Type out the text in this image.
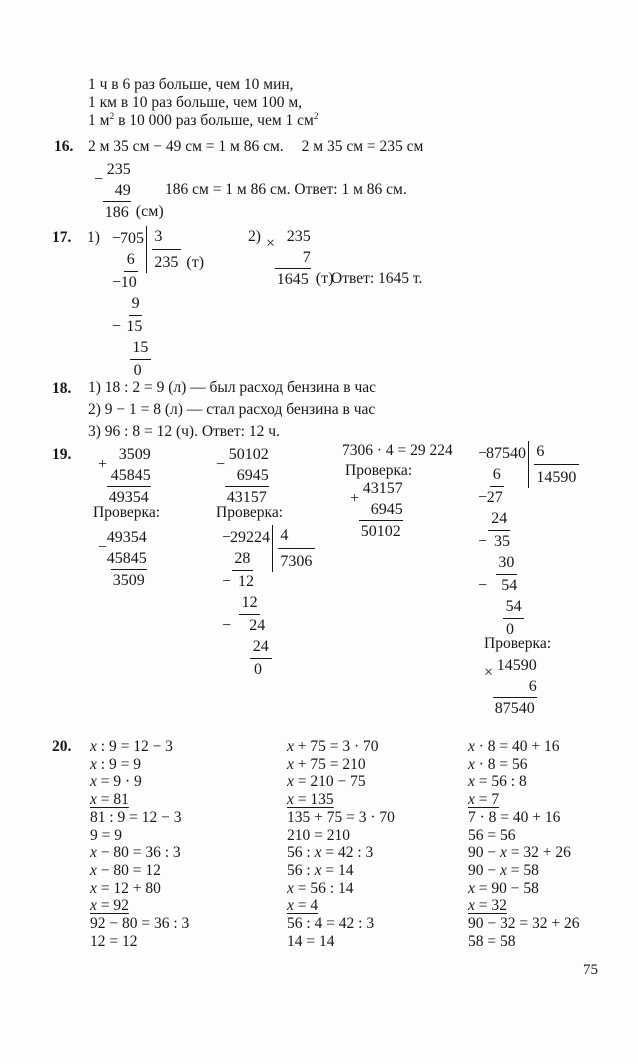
1 ч в 6 раз больше, чем 10 мин,
1 км в 10 раз больше, чем 100 м,
1 $м^2$ в 10 000 раз больше, чем 1 $см^2$
16. 2 м 35 см − 49 см = 1 м 86 см. 2 м 35 см = 235 см
−
235
49
186 (см)
186 см = 1 м 86 см. Ответ: 1 м 86 см.
17. 1) −705
6
−10
9
− 15
15
0
3
235 (т)
2) × 235
7
1645 (т)
Ответ: 1645 т.
18. 1) 18 : 2 = 9 (л) — был расход бензина в час
2) 9 − 1 = 8 (л) — стал расход бензина в час
3) 96 : 8 = 12 (ч). Ответ: 12 ч.
19.
+
3509
45845
49354
Проверка:
−
49354
45845
3509
−
50102
6945
43157
Проверка:
−29224
28
− 12
12
− 24
24
0
4
7306
7306 · 4 = 29 224
Проверка:
+
43157
6945
50102
−87540
6
−27
24
− 35
30
− 54
54
0
6
14590
Проверка:
× 14590
6
87540
20. x : 9 = 12 − 3
x : 9 = 9
x = 9 · 9
x = 81
81 : 9 = 12 − 3
9 = 9
x − 80 = 36 : 3
x − 80 = 12
x = 12 + 80
x = 92
92 − 80 = 36 : 3
12 = 12
x + 75 = 3 · 70
x + 75 = 210
x = 210 − 75
x = 135
135 + 75 = 3 · 70
210 = 210
56 : x = 42 : 3
56 : x = 14
x = 56 : 14
x = 4
56 : 4 = 42 : 3
14 = 14
x · 8 = 40 + 16
x · 8 = 56
x = 56 : 8
x = 7
7 · 8 = 40 + 16
56 = 56
90 − x = 32 + 26
90 − x = 58
x = 90 − 58
x = 32
90 − 32 = 32 + 26
58 = 58
75
